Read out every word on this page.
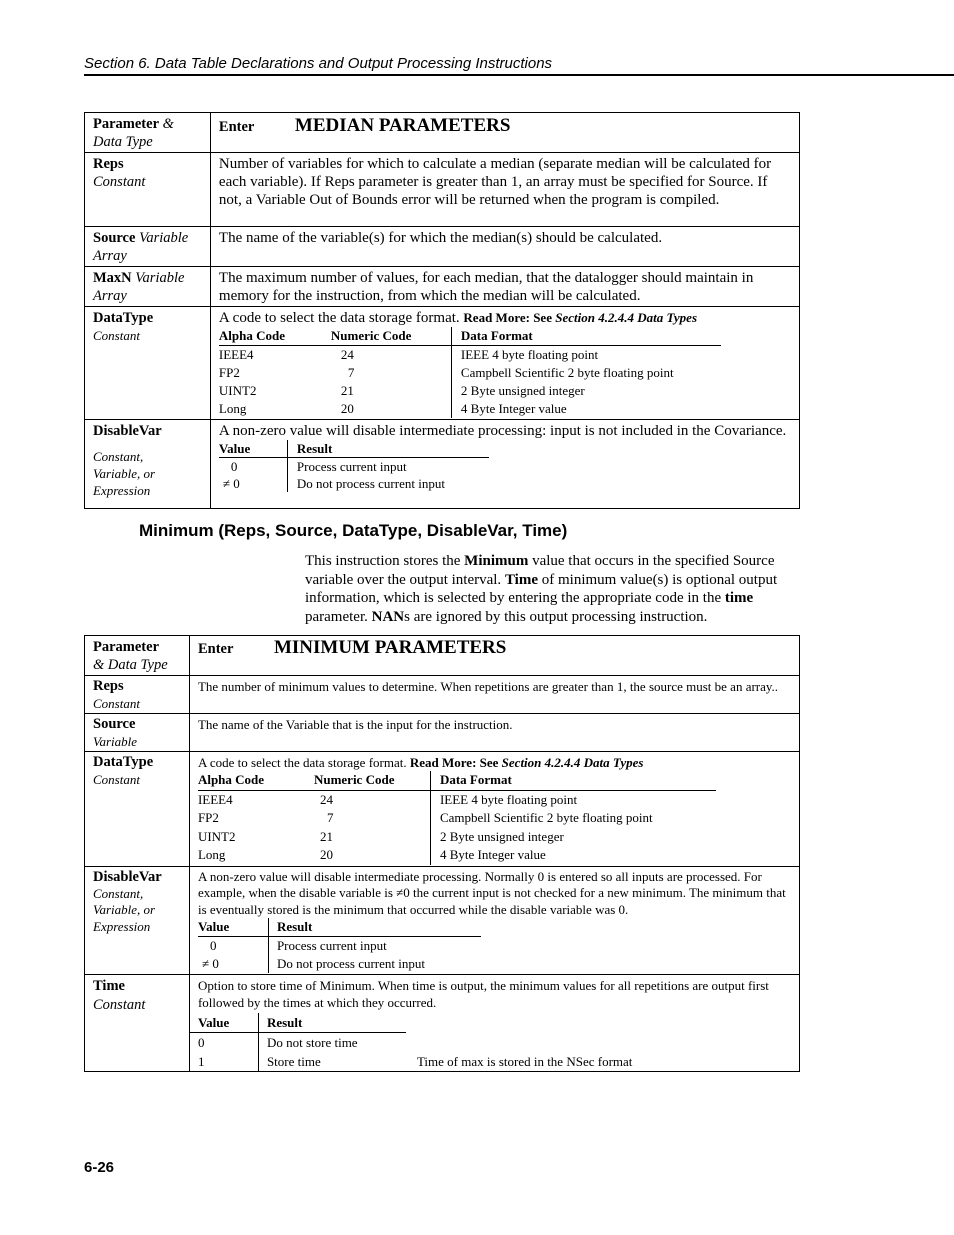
Section 6. Data Table Declarations and Output Processing Instructions
Parameter &
Data Type	Enter MEDIAN PARAMETERS

Reps
Constant
	Number of variables for which to calculate a median (separate median will be calculated for each variable). If Reps parameter is greater than 1, an array must be specified for Source. If not, a Variable Out of Bounds error will be returned when the program is compiled.
Source Variable Array	The name of the variable(s) for which the median(s) should be calculated.
MaxN Variable Array	The maximum number of values, for each median, that the datalogger should maintain in memory for the instruction, from which the median will be calculated.

DataType
Constant

A code to select the data storage format. Read More: See Section 4.2.4.4 Data Types
Alpha Code	Numeric Code	Data Format
IEEE4	24	IEEE 4 byte floating point
FP2	7	Campbell Scientific 2 byte floating point
UINT2	21	2 Byte unsigned integer
Long	20	4 Byte Integer value

DisableVar
Constant,
Variable, or
Expression

A non-zero value will disable intermediate processing: input is not included in the Covariance.
Value	Result
0	Process current input
≠ 0	Do not process current input
Minimum (Reps, Source, DataType, DisableVar, Time)
This instruction stores the Minimum value that occurs in the specified Source variable over the output interval. Time of minimum value(s) is optional output information, which is selected by entering the appropriate code in the time parameter. NANs are ignored by this output processing instruction.
Parameter
& Data Type
	Enter MINIMUM PARAMETERS

Reps
Constant
	The number of minimum values to determine. When repetitions are greater than 1, the source must be an array..

Source
Variable
	The name of the Variable that is the input for the instruction.

DataType
Constant

A code to select the data storage format. Read More: See Section 4.2.4.4 Data Types
Alpha Code	Numeric Code	Data Format
IEEE4	24	IEEE 4 byte floating point
FP2	7	Campbell Scientific 2 byte floating point
UINT2	21	2 Byte unsigned integer
Long	20	4 Byte Integer value

DisableVar
Constant,
Variable, or
Expression

A non-zero value will disable intermediate processing. Normally 0 is entered so all inputs are processed. For example, when the disable variable is ≠0 the current input is not checked for a new minimum. The minimum that is eventually stored is the minimum that occurred while the disable variable was 0.
Value	Result
0	Process current input
≠ 0	Do not process current input

Time
Constant

Option to store time of Minimum. When time is output, the minimum values for all repetitions are output first followed by the times at which they occurred.
Value	Result	
0	Do not store time	
1	Store time	Time of max is stored in the NSec format
6-26
